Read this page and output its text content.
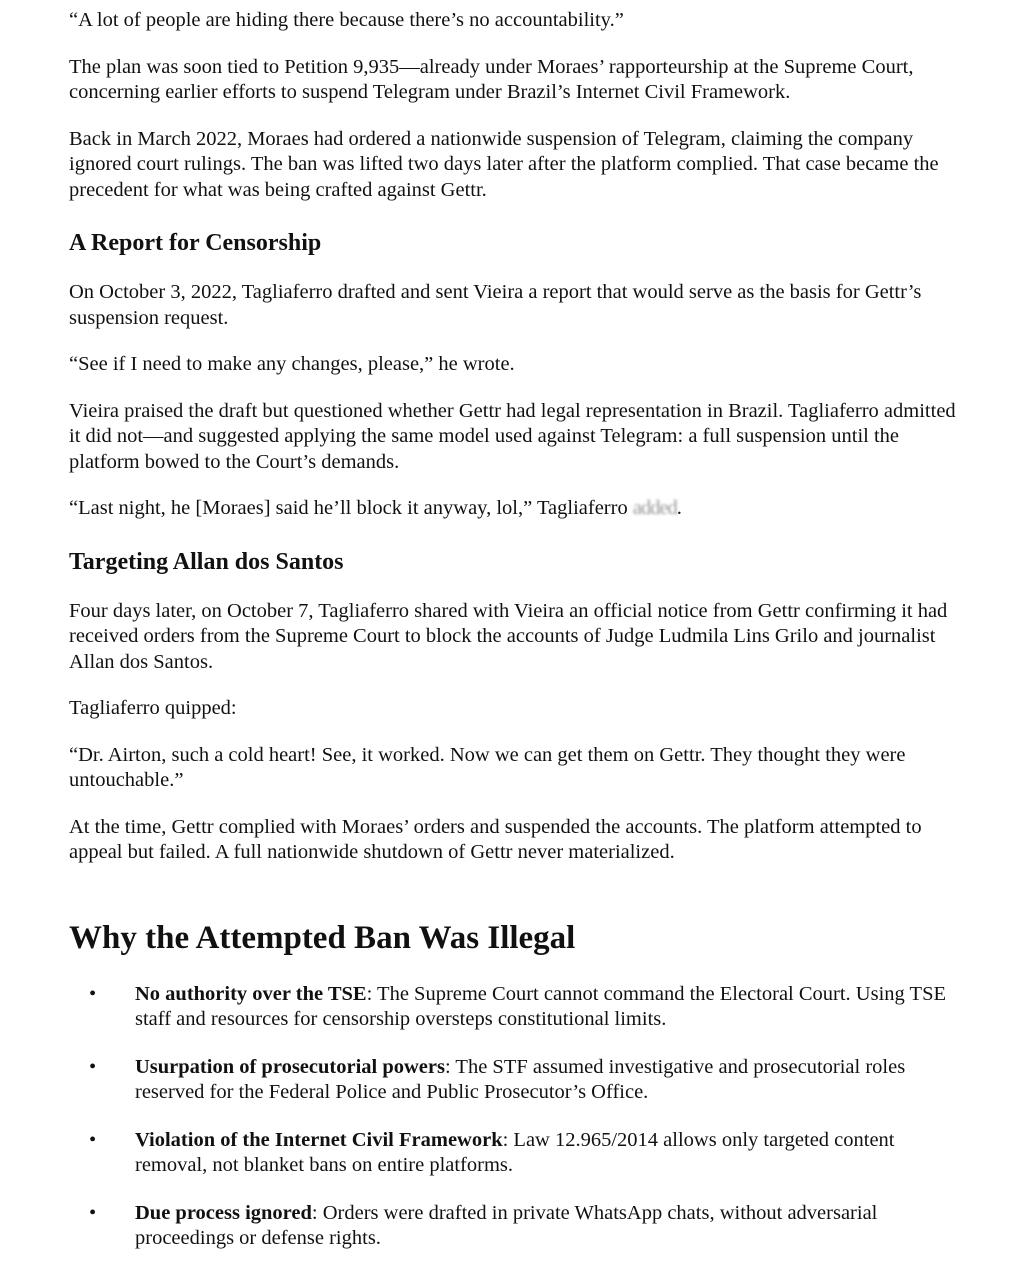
“A lot of people are hiding there because there’s no accountability.”

The plan was soon tied to Petition 9,935—already under Moraes’ rapporteurship at the Supreme Court, concerning earlier efforts to suspend Telegram under Brazil’s Internet Civil Framework.

Back in March 2022, Moraes had ordered a nationwide suspension of Telegram, claiming the company ignored court rulings. The ban was lifted two days later after the platform complied. That case became the precedent for what was being crafted against Gettr.

A Report for Censorship

On October 3, 2022, Tagliaferro drafted and sent Vieira a report that would serve as the basis for Gettr’s suspension request.

“See if I need to make any changes, please,” he wrote.

Vieira praised the draft but questioned whether Gettr had legal representation in Brazil. Tagliaferro admitted it did not—and suggested applying the same model used against Telegram: a full suspension until the platform bowed to the Court’s demands.

“Last night, he [Moraes] said he’ll block it anyway, lol,” Tagliaferro added.

Targeting Allan dos Santos

Four days later, on October 7, Tagliaferro shared with Vieira an official notice from Gettr confirming it had received orders from the Supreme Court to block the accounts of Judge Ludmila Lins Grilo and journalist Allan dos Santos.

Tagliaferro quipped:

“Dr. Airton, such a cold heart! See, it worked. Now we can get them on Gettr. They thought they were untouchable.”

At the time, Gettr complied with Moraes’ orders and suspended the accounts. The platform attempted to appeal but failed. A full nationwide shutdown of Gettr never materialized.

Why the Attempted Ban Was Illegal
• No authority over the TSE: The Supreme Court cannot command the Electoral Court. Using TSE staff and resources for censorship oversteps constitutional limits.
• Usurpation of prosecutorial powers: The STF assumed investigative and prosecutorial roles reserved for the Federal Police and Public Prosecutor’s Office.
• Violation of the Internet Civil Framework: Law 12.965/2014 allows only targeted content removal, not blanket bans on entire platforms.
• Due process ignored: Orders were drafted in private WhatsApp chats, without adversarial proceedings or defense rights.
